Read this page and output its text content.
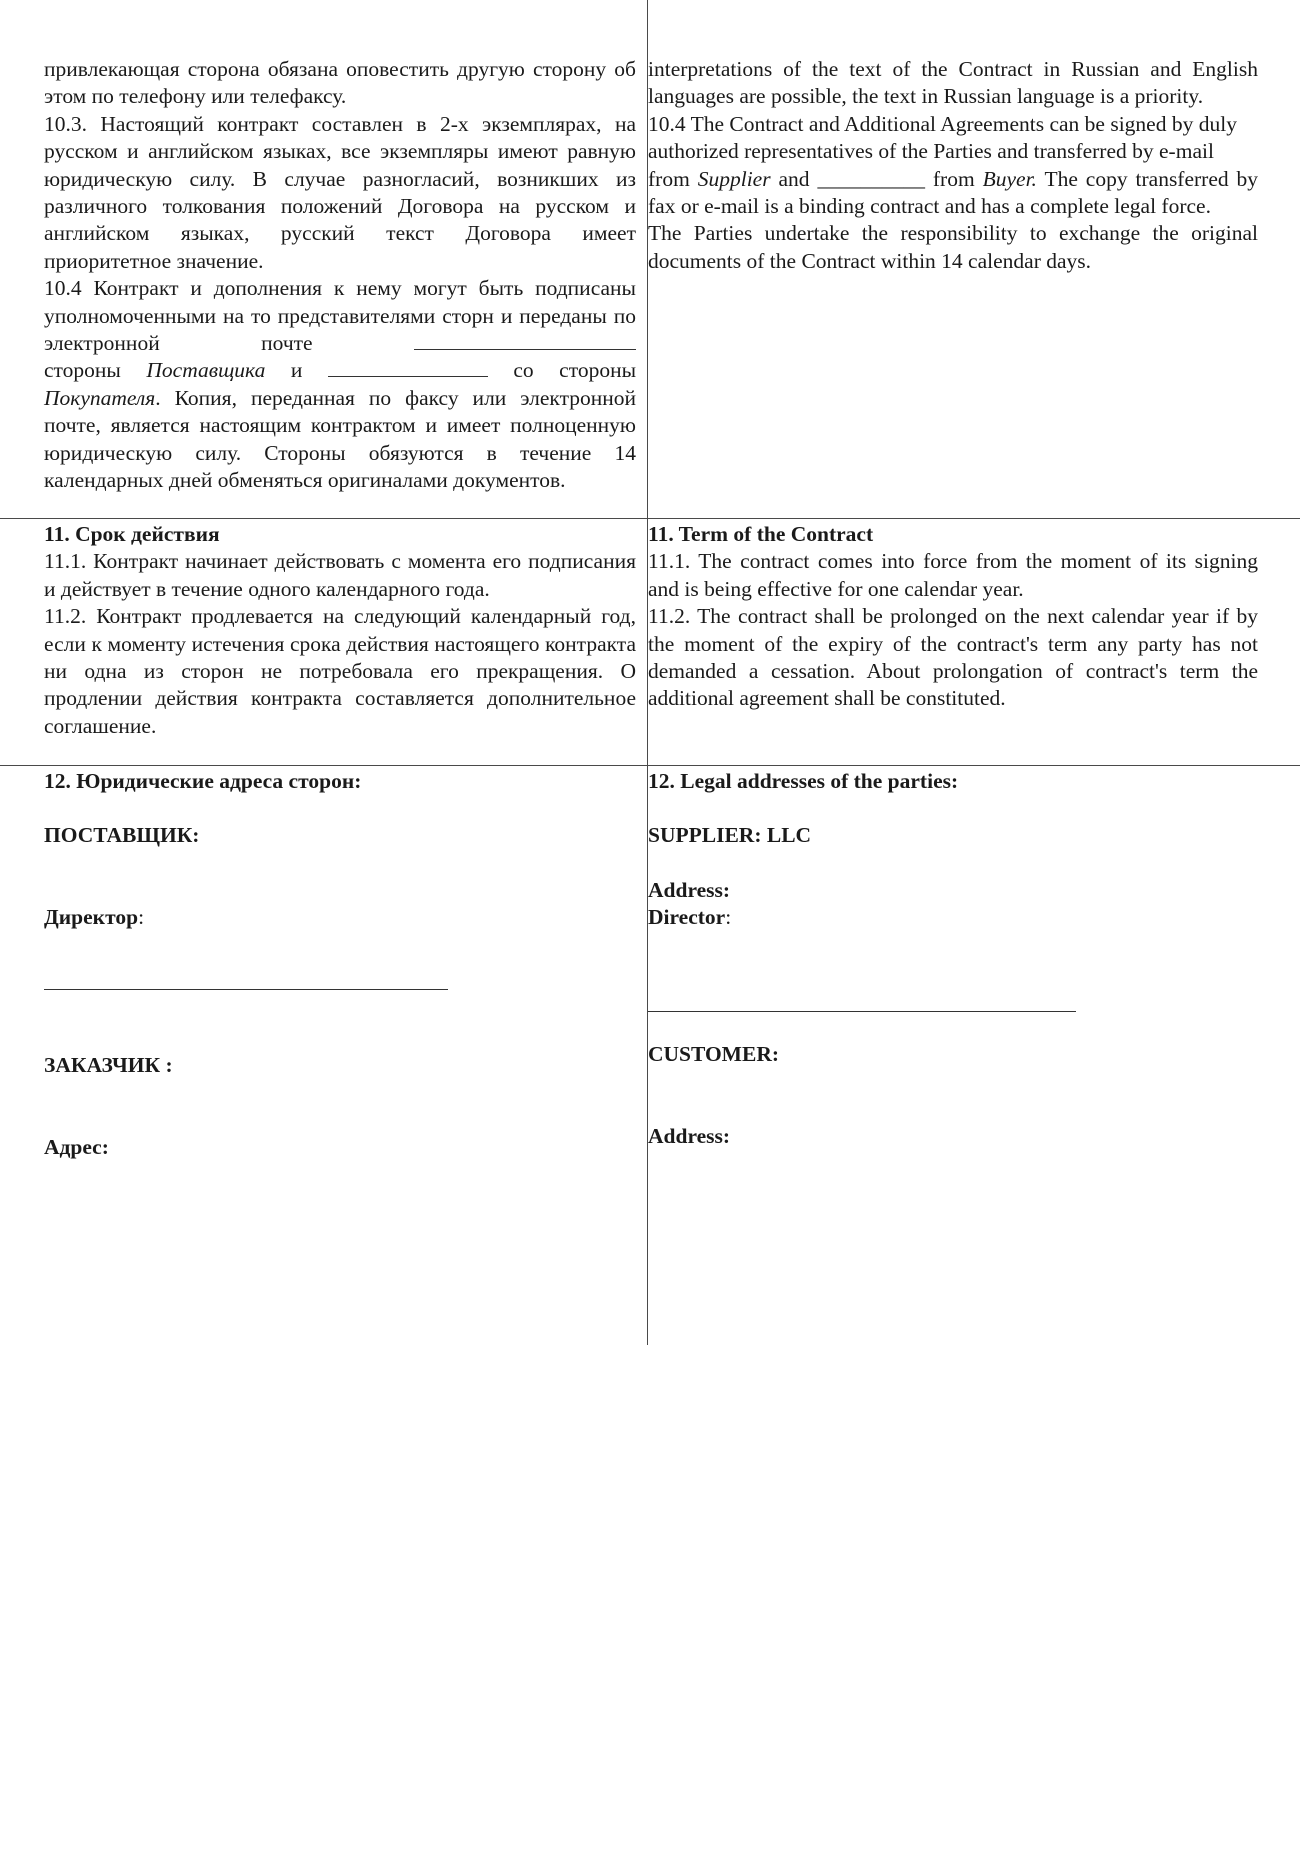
привлекающая сторона обязана оповестить другую сторону об этом по телефону или телефаксу.

10.3. Настоящий контракт составлен в 2-х экземплярах, на русском и английском языках, все экземпляры имеют равную юридическую силу. В случае разногласий, возникших из различного толкования положений Договора на русском и английском языках, русский текст Договора имеет приоритетное значение.

10.4 Контракт и дополнения к нему могут быть подписаны уполномоченными на то представителями сторн и переданы по электронной почте

стороны Поставщика и	со стороны

Покупателя. Копия, переданная по факсу или электронной почте, является настоящим контрактом и имеет полноценную юридическую силу. Стороны обязуются в течение 14 календарных дней обменяться оригиналами документов.

interpretations of the text of the Contract in Russian and English languages are possible, the text in Russian language is a priority.

10.4 The Contract and Additional Agreements can be signed by duly authorized representatives of the Parties and transferred by e-mail

from Supplier and __________ from Buyer. The copy transferred by fax or e-mail is a binding contract and has a complete legal force.

The Parties undertake the responsibility to exchange the original documents of the Contract within 14 calendar days.

11. Срок действия

11.1. Контракт начинает действовать с момента его подписания и действует в течение одного календарного года.

11.2. Контракт продлевается на следующий календарный год, если к моменту истечения срока действия настоящего контракта ни одна из сторон не потребовала его прекращения. О продлении действия контракта составляется дополнительное соглашение.

11. Term of the Contract

11.1. The contract comes into force from the moment of its signing and is being effective for one calendar year.

11.2. The contract shall be prolonged on the next calendar year if by the moment of the expiry of the contract's term any party has not demanded a cessation. About prolongation of contract's term the additional agreement shall be constituted.

12. Юридические адреса сторон:
ПОСТАВЩИК:
Директор:
ЗАКАЗЧИК :
Адрес:
12. Legal addresses of the parties:
SUPPLIER: LLC
Address:
Director:
CUSTOMER:
Address:
